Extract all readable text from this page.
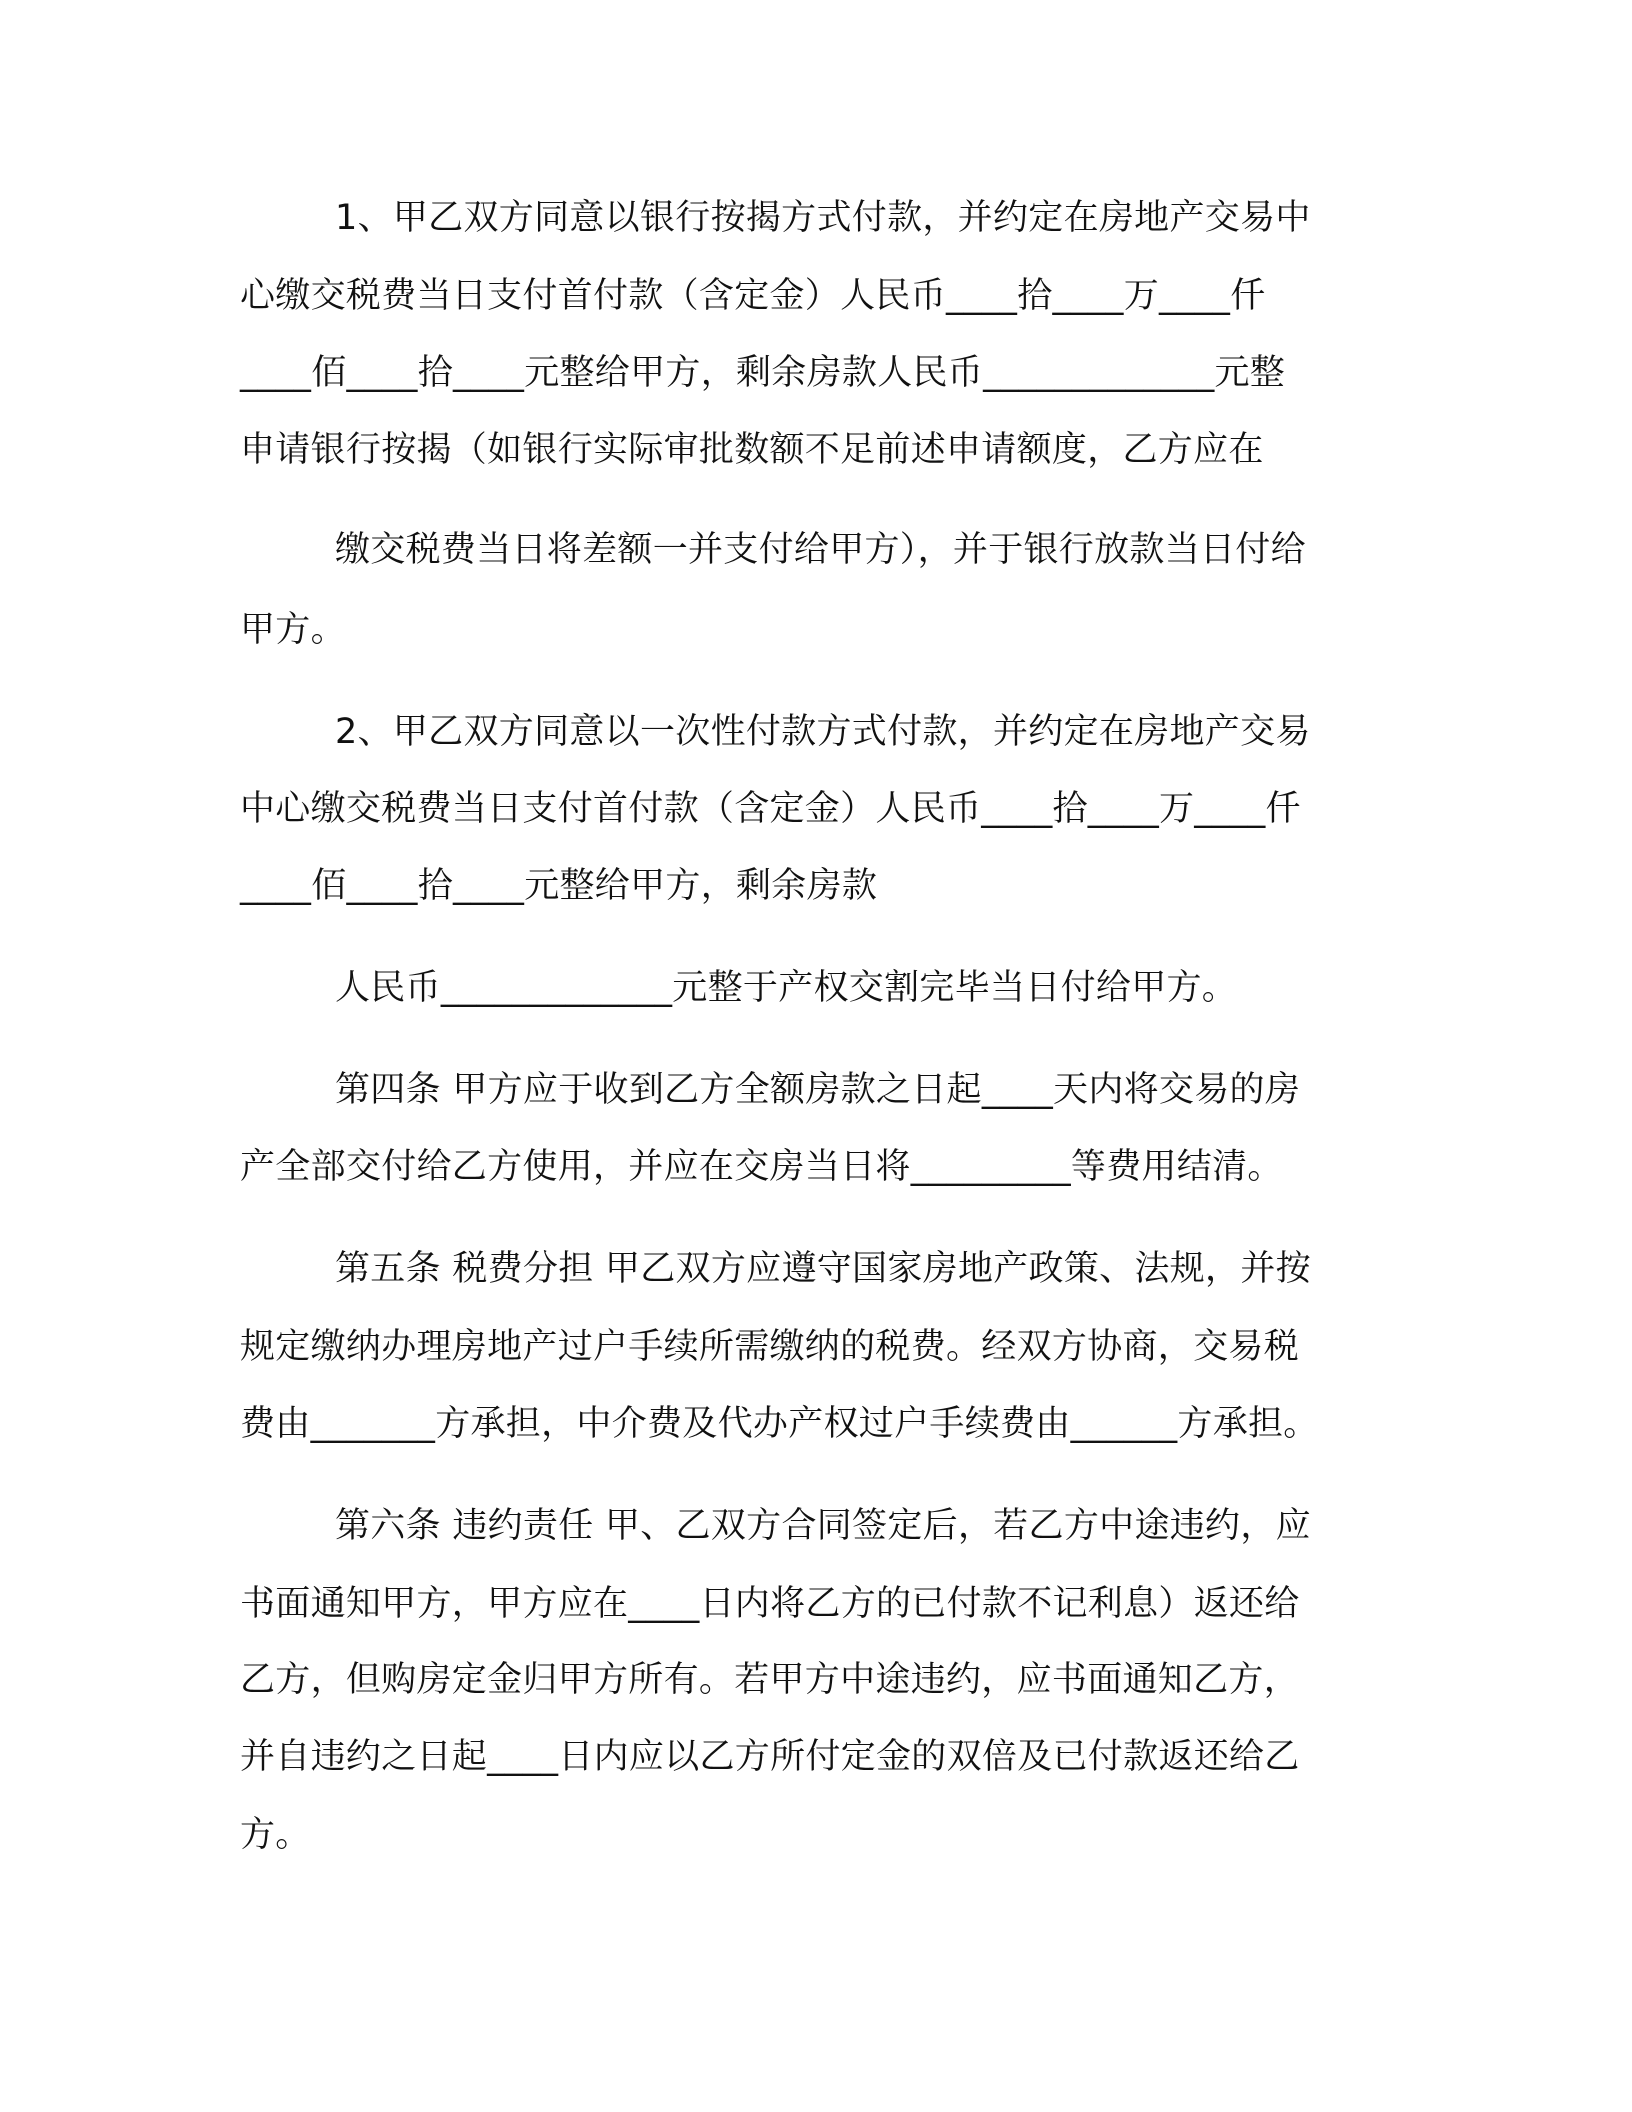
1、甲乙双方同意以银行按揭方式付款，并约定在房地产交易中
心缴交税费当日支付首付款（含定金）人民币____拾____万____仟
____佰____拾____元整给甲方，剩余房款人民币_____________元整
申请银行按揭（如银行实际审批数额不足前述申请额度，乙方应在
缴交税费当日将差额一并支付给甲方），并于银行放款当日付给
甲方。
2、甲乙双方同意以一次性付款方式付款，并约定在房地产交易
中心缴交税费当日支付首付款（含定金）人民币____拾____万____仟
____佰____拾____元整给甲方，剩余房款
人民币_____________元整于产权交割完毕当日付给甲方。
第四条 甲方应于收到乙方全额房款之日起____天内将交易的房
产全部交付给乙方使用，并应在交房当日将_________等费用结清。
第五条 税费分担 甲乙双方应遵守国家房地产政策、法规，并按
规定缴纳办理房地产过户手续所需缴纳的税费。经双方协商，交易税
费由_______方承担，中介费及代办产权过户手续费由______方承担。
第六条 违约责任 甲、乙双方合同签定后，若乙方中途违约，应
书面通知甲方，甲方应在____日内将乙方的已付款不记利息）返还给
乙方，但购房定金归甲方所有。若甲方中途违约，应书面通知乙方，
并自违约之日起____日内应以乙方所付定金的双倍及已付款返还给乙
方。
